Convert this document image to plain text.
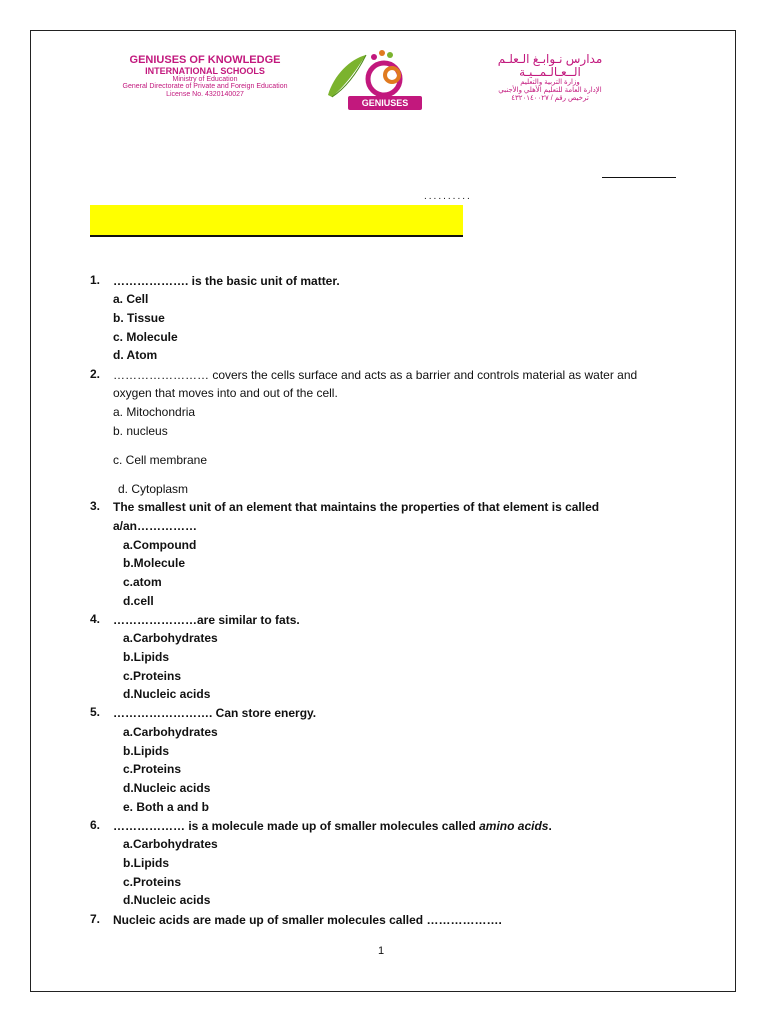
GENIUSES OF KNOWLEDGE
INTERNATIONAL SCHOOLS
Ministry of Education
General Directorate of Private and Foreign Education
License No. 4320140027
GENIUSES
مدارس نـوابـغ الـعلـم
الــعـالـمــيـة
وزارة التربية والتعليم
الإدارة العامة للتعليم الأهلي والأجنبي
ترخيص رقم / ٤٣٢٠١٤٠٠٢٧
..........
1. ………………. is the basic unit of matter.
a. Cell
b. Tissue
c. Molecule
d. Atom
2. …………………… covers the cells surface and acts as a barrier and controls material as water and
oxygen that moves into and out of the cell.
a. Mitochondria
b. nucleus
c. Cell membrane
d. Cytoplasm
3. The smallest unit of an element that maintains the properties of that element is called
a/an……………
a.Compound
b.Molecule
c.atom
d.cell
4. …………………are similar to fats.
a.Carbohydrates
b.Lipids
c.Proteins
d.Nucleic acids
5. ……………………. Can store energy.
a.Carbohydrates
b.Lipids
c.Proteins
d.Nucleic acids
e. Both a and b
6. ……………… is a molecule made up of smaller molecules called amino acids.
a.Carbohydrates
b.Lipids
c.Proteins
d.Nucleic acids
7. Nucleic acids are made up of smaller molecules called ……………….
1
